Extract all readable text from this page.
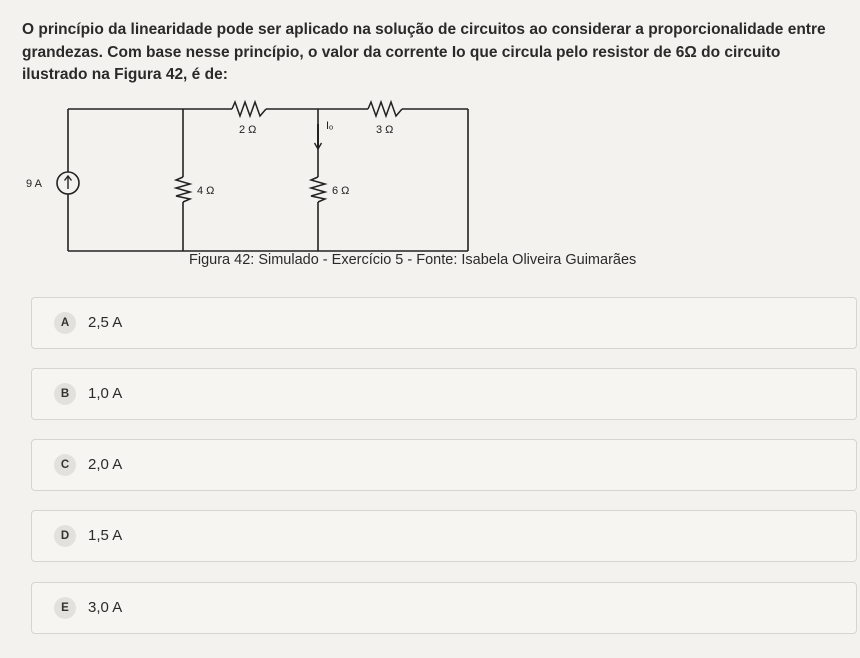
O princípio da linearidade pode ser aplicado na solução de circuitos ao considerar a proporcionalidade entre
grandezas. Com base nesse princípio, o valor da corrente Io que circula pelo resistor de 6Ω do circuito
ilustrado na Figura 42, é de:
9 A
2 Ω	3 Ω
Iₒ
4 Ω	6 Ω
Figura 42: Simulado - Exercício 5 - Fonte: Isabela Oliveira Guimarães
A	2,5 A
B	1,0 A
C	2,0 A
D	1,5 A
E	3,0 A
